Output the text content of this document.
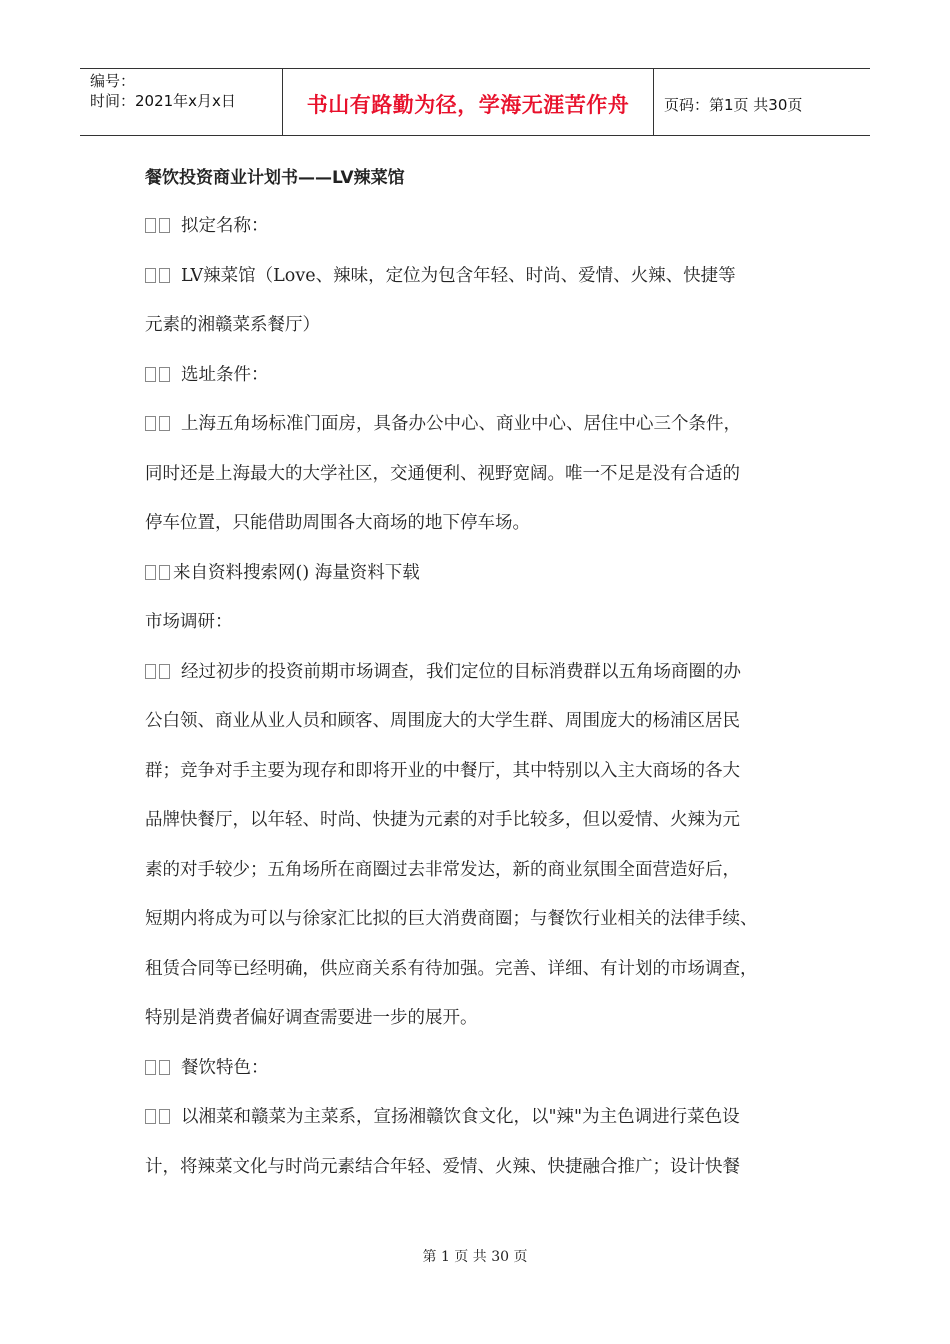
编号：
时间：2021年x月x日	书山有路勤为径，学海无涯苦作舟 页码：第1页 共30页

餐饮投资商业计划书——LV辣菜馆

拟定名称：

LV辣菜馆（Love、辣味，定位为包含年轻、时尚、爱情、火辣、快捷等

元素的湘赣菜系餐厅）

选址条件：

上海五角场标准门面房，具备办公中心、商业中心、居住中心三个条件，

同时还是上海最大的大学社区，交通便利、视野宽阔。唯一不足是没有合适的

停车位置，只能借助周围各大商场的地下停车场。

来自资料搜索网() 海量资料下载

市场调研：

经过初步的投资前期市场调查，我们定位的目标消费群以五角场商圈的办

公白领、商业从业人员和顾客、周围庞大的大学生群、周围庞大的杨浦区居民

群；竞争对手主要为现存和即将开业的中餐厅，其中特别以入主大商场的各大

品牌快餐厅，以年轻、时尚、快捷为元素的对手比较多，但以爱情、火辣为元

素的对手较少；五角场所在商圈过去非常发达，新的商业氛围全面营造好后，

短期内将成为可以与徐家汇比拟的巨大消费商圈；与餐饮行业相关的法律手续、

租赁合同等已经明确，供应商关系有待加强。完善、详细、有计划的市场调查，

特别是消费者偏好调查需要进一步的展开。

餐饮特色：

以湘菜和赣菜为主菜系，宣扬湘赣饮食文化，以"辣"为主色调进行菜色设

计，将辣菜文化与时尚元素结合年轻、爱情、火辣、快捷融合推广；设计快餐

第 1 页 共 30 页
